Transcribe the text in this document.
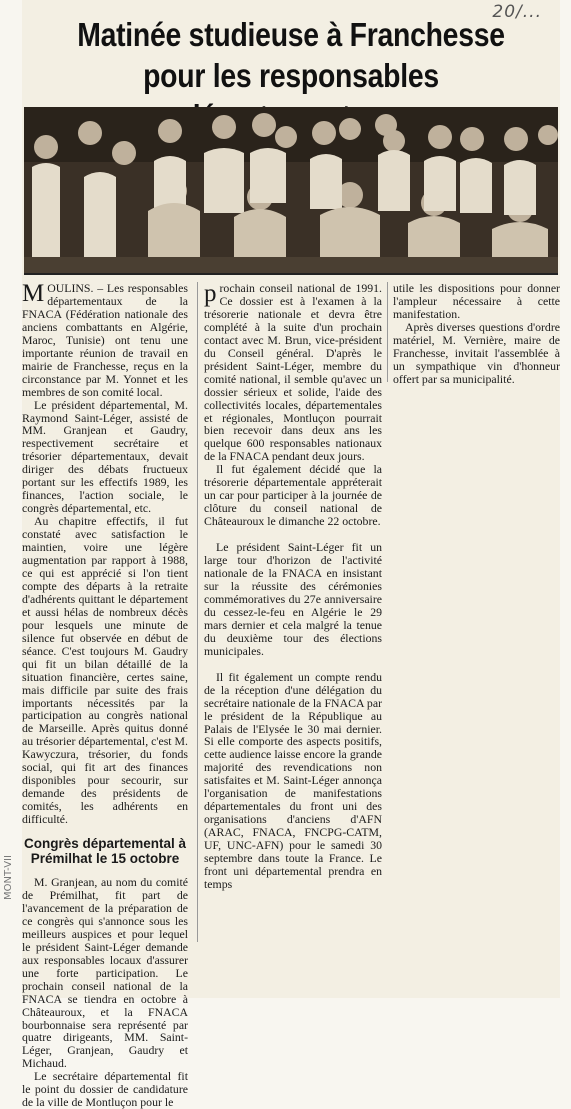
20/...
Matinée studieuse à Franchesse
pour les responsables

MOULINS. – Les responsables départementaux de la FNACA (Fédération nationale des anciens combattants en Algérie, Maroc, Tunisie) ont tenu une importante réunion de travail en mairie de Franchesse, reçus en la circonstance par M. Yonnet et les membres de son comité local.

Le président départemental, M. Raymond Saint-Léger, assisté de MM. Granjean et Gaudry, respectivement secrétaire et trésorier départementaux, devait diriger des débats fructueux portant sur les effectifs 1989, les finances, l'action sociale, le congrès départemental, etc.

Au chapitre effectifs, il fut constaté avec satisfaction le maintien, voire une légère augmentation par rapport à 1988, ce qui est apprécié si l'on tient compte des départs à la retraite d'adhérents quittant le département et aussi hélas de nombreux décès pour lesquels une minute de silence fut observée en début de séance. C'est toujours M. Gaudry qui fit un bilan détaillé de la situation financière, certes saine, mais difficile par suite des frais importants nécessités par la participation au congrès national de Marseille. Après quitus donné au trésorier départemental, c'est M. Kawyczura, trésorier, du fonds social, qui fit art des finances disponibles pour secourir, sur demande des présidents de comités, les adhérents en difficulté.

Congrès départemental à Prémilhat le 15 octobre

M. Granjean, au nom du comité de Prémilhat, fit part de l'avancement de la préparation de ce congrès qui s'annonce sous les meilleurs auspices et pour lequel le président Saint-Léger demande aux responsables locaux d'assurer une forte participation. Le prochain conseil national de la FNACA se tiendra en octobre à Châteauroux, et la FNACA bourbonnaise sera représenté par quatre dirigeants, MM. Saint-Léger, Granjean, Gaudry et Michaud.

Le secrétaire départemental fit le point du dossier de candidature de la ville de Montluçon pour le

prochain conseil national de 1991. Ce dossier est à l'examen à la trésorerie nationale et devra être complété à la suite d'un prochain contact avec M. Brun, vice-président du Conseil général. D'après le président Saint-Léger, membre du comité national, il semble qu'avec un dossier sérieux et solide, l'aide des collectivités locales, départementales et régionales, Montluçon pourrait bien recevoir dans deux ans les quelque 600 responsables nationaux de la FNACA pendant deux jours.

Il fut également décidé que la trésorerie départementale appréterait un car pour participer à la journée de clôture du conseil national de Châteauroux le dimanche 22 octobre.

Le président Saint-Léger fit un large tour d'horizon de l'activité nationale de la FNACA en insistant sur la réussite des cérémonies commémoratives du 27e anniversaire du cessez-le-feu en Algérie le 29 mars dernier et cela malgré la tenue du deuxième tour des élections municipales.

Il fit également un compte rendu de la réception d'une délégation du secrétaire nationale de la FNACA par le président de la République au Palais de l'Elysée le 30 mai dernier. Si elle comporte des aspects positifs, cette audience laisse encore la grande majorité des revendications non satisfaites et M. Saint-Léger annonça l'organisation de manifestations départementales du front uni des organisations d'anciens d'AFN (ARAC, FNACA, FNCPG-CATM, UF, UNC-AFN) pour le samedi 30 septembre dans toute la France. Le front uni départemental prendra en temps

utile les dispositions pour donner l'ampleur nécessaire à cette manifestation.

Après diverses questions d'ordre matériel, M. Vernière, maire de Franchesse, invitait l'assemblée à un sympathique vin d'honneur offert par sa municipalité.

MONT-VII
